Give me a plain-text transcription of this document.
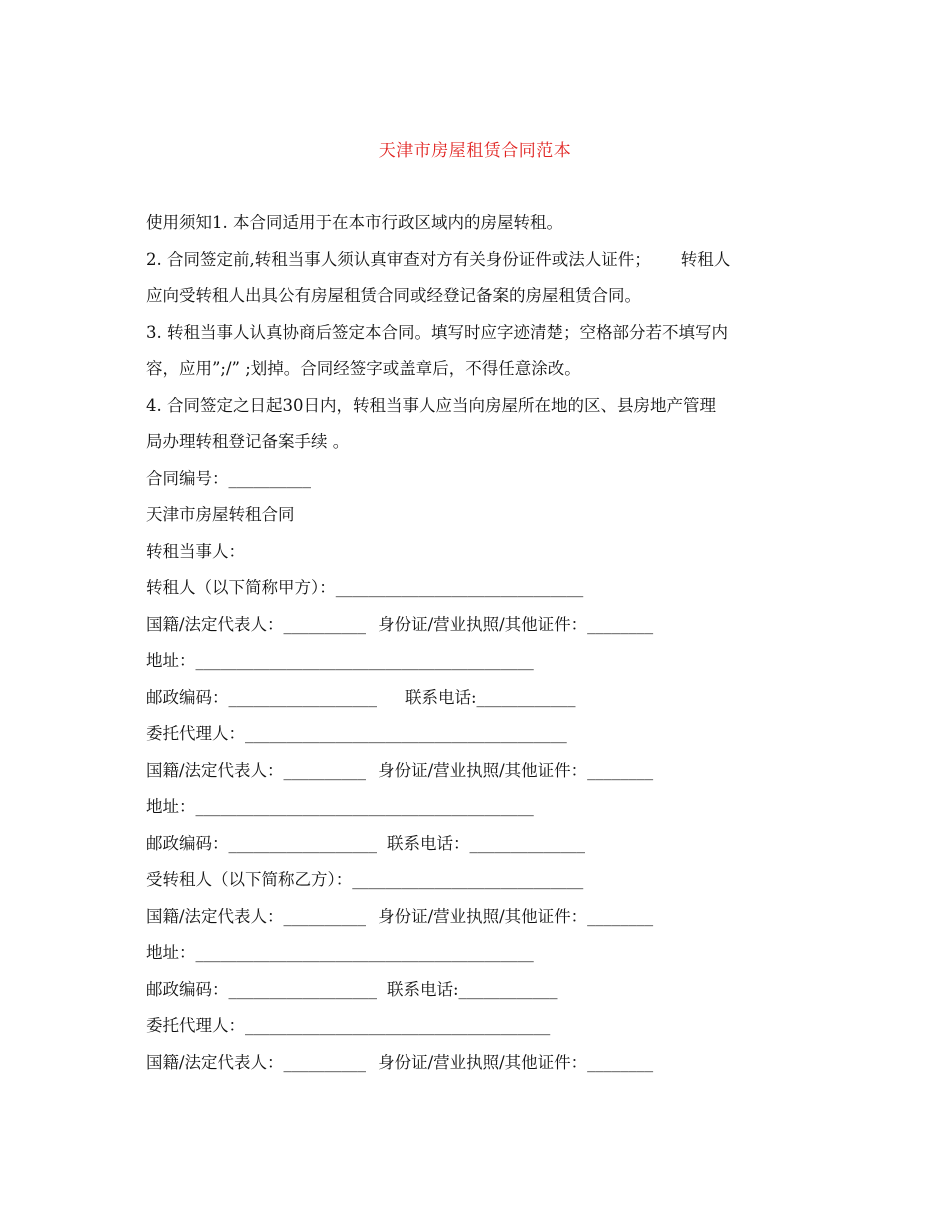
天津市房屋租赁合同范本

使用须知1. 本合同适用于在本市行政区域内的房屋转租。

2. 合同签定前,转租当事人须认真审查对方有关身份证件或法人证件； 转租人

应向受转租人出具公有房屋租赁合同或经登记备案的房屋租赁合同。

3. 转租当事人认真协商后签定本合同。填写时应字迹清楚；空格部分若不填写内

容，应用”;/” ;划掉。合同经签字或盖章后，不得任意涂改。

4. 合同签定之日起30日内，转租当事人应当向房屋所在地的区、县房地产管理

局办理转租登记备案手续 。

合同编号：__________

天津市房屋转租合同

转租当事人：

转租人（以下简称甲方）：______________________________

国籍/法定代表人：__________ 身份证/营业执照/其他证件：________

地址：_________________________________________

邮政编码：__________________ 联系电话:____________

委托代理人：_______________________________________

国籍/法定代表人：__________ 身份证/营业执照/其他证件：________

地址：_________________________________________

邮政编码：__________________ 联系电话：______________

受转租人（以下简称乙方）：____________________________

国籍/法定代表人：__________ 身份证/营业执照/其他证件：________

地址：_________________________________________

邮政编码：__________________ 联系电话:____________

委托代理人：_____________________________________

国籍/法定代表人：__________ 身份证/营业执照/其他证件：________
